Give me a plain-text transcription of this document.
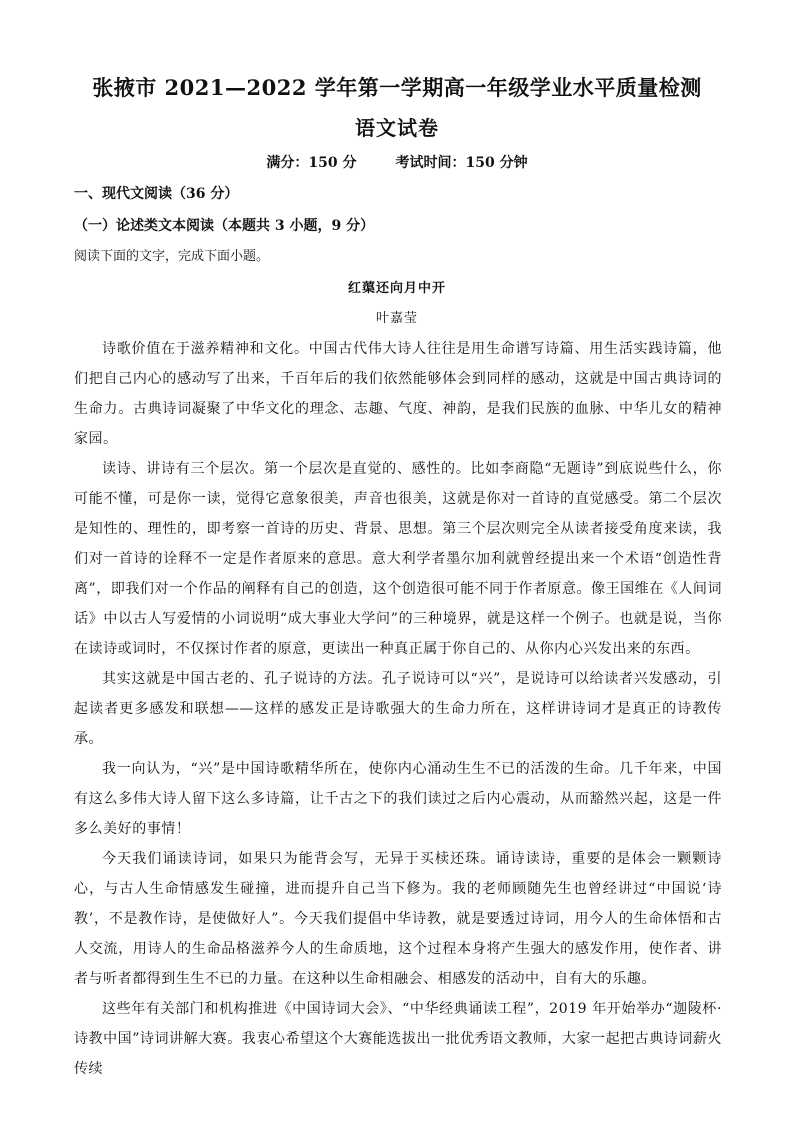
张掖市 2021—2022 学年第一学期高一年级学业水平质量检测
语文试卷
满分：150 分        考试时间：150 分钟
一、现代文阅读（36 分）
（一）论述类文本阅读（本题共 3 小题，9 分）
阅读下面的文字，完成下面小题。
红蕖还向月中开
叶嘉莹

诗歌价值在于滋养精神和文化。中国古代伟大诗人往往是用生命谱写诗篇、用生活实践诗篇，他们把自己内心的感动写了出来，千百年后的我们依然能够体会到同样的感动，这就是中国古典诗词的生命力。古典诗词凝聚了中华文化的理念、志趣、气度、神韵，是我们民族的血脉、中华儿女的精神家园。

读诗、讲诗有三个层次。第一个层次是直觉的、感性的。比如李商隐“无题诗”到底说些什么，你可能不懂，可是你一读，觉得它意象很美，声音也很美，这就是你对一首诗的直觉感受。第二个层次是知性的、理性的，即考察一首诗的历史、背景、思想。第三个层次则完全从读者接受角度来读，我们对一首诗的诠释不一定是作者原来的意思。意大利学者墨尔加利就曾经提出来一个术语“创造性背离”，即我们对一个作品的阐释有自己的创造，这个创造很可能不同于作者原意。像王国维在《人间词话》中以古人写爱情的小词说明“成大事业大学问”的三种境界，就是这样一个例子。也就是说，当你在读诗或词时，不仅探讨作者的原意，更读出一种真正属于你自己的、从你内心兴发出来的东西。

其实这就是中国古老的、孔子说诗的方法。孔子说诗可以“兴”，是说诗可以给读者兴发感动，引起读者更多感发和联想——这样的感发正是诗歌强大的生命力所在，这样讲诗词才是真正的诗教传承。

我一向认为，“兴”是中国诗歌精华所在，使你内心涌动生生不已的活泼的生命。几千年来，中国有这么多伟大诗人留下这么多诗篇，让千古之下的我们读过之后内心震动，从而豁然兴起，这是一件多么美好的事情！

今天我们诵读诗词，如果只为能背会写，无异于买椟还珠。诵诗读诗，重要的是体会一颗颗诗心，与古人生命情感发生碰撞，进而提升自己当下修为。我的老师顾随先生也曾经讲过“中国说‘诗教’，不是教作诗，是使做好人”。今天我们提倡中华诗教，就是要透过诗词，用今人的生命体悟和古人交流，用诗人的生命品格滋养今人的生命质地，这个过程本身将产生强大的感发作用，使作者、讲者与听者都得到生生不已的力量。在这种以生命相融会、相感发的活动中，自有大的乐趣。

这些年有关部门和机构推进《中国诗词大会》、“中华经典诵读工程”，2019 年开始举办“迦陵杯·诗教中国”诗词讲解大赛。我衷心希望这个大赛能选拔出一批优秀语文教师，大家一起把古典诗词薪火传续
